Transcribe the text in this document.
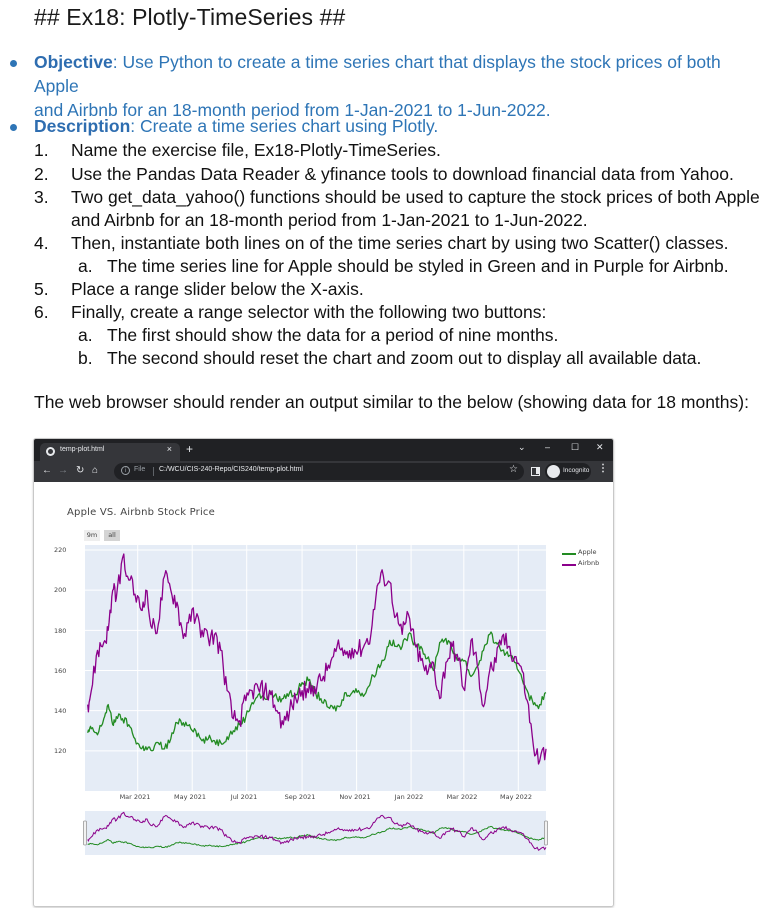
## Ex18: Plotly-TimeSeries ##
Objective: Use Python to create a time series chart that displays the stock prices of both Apple
and Airbnb for an 18-month period from 1-Jan-2021 to 1-Jun-2022.
Description: Create a time series chart using Plotly.
1.	Name the exercise file, Ex18-Plotly-TimeSeries.
2.	Use the Pandas Data Reader & yfinance tools to download financial data from Yahoo.
3.	Two get_data_yahoo() functions should be used to capture the stock prices of both Apple
and Airbnb for an 18-month period from 1-Jan-2021 to 1-Jun-2022.
4.	Then, instantiate both lines on of the time series chart by using two Scatter() classes.
a. The time series line for Apple should be styled in Green and in Purple for Airbnb.
5.	Place a range slider below the X-axis.
6.	Finally, create a range selector with the following two buttons:
a. The first should show the data for a period of nine months.
b. The second should reset the chart and zoom out to display all available data.
The web browser should render an output similar to the below (showing data for 18 months):
temp-plot.html	× +	⌄ – ☐ ✕
← → ↻ ⌂	i	File C:/WCU/CIS-240-Repo/CIS240/temp-plot.html	☆	Incognito ⋮
Apple VS. Airbnb Stock Price
9m	all
Apple
Airbnb
220
200
180
160
140
120
Mar 2021	May 2021	Jul 2021	Sep 2021	Nov 2021	Jan 2022	Mar 2022	May 2022
